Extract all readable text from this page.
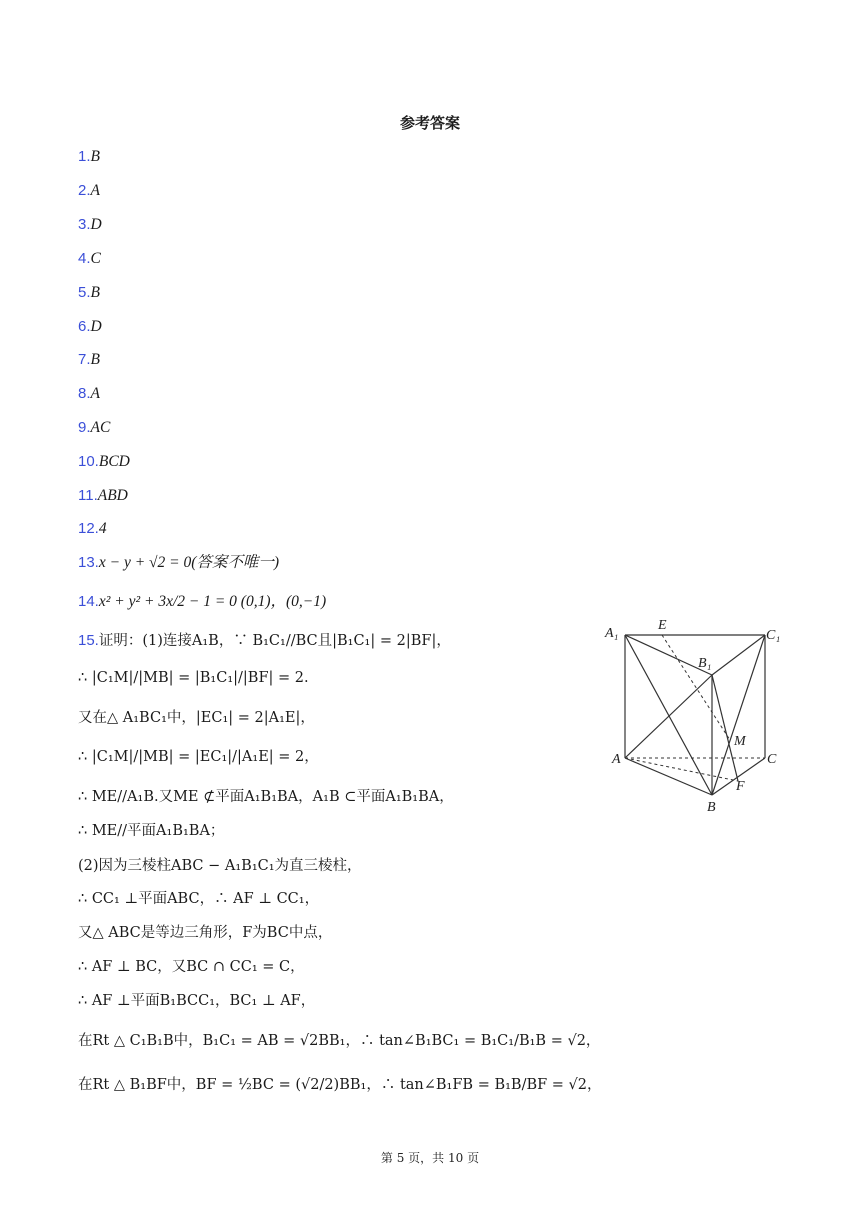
参考答案
1.B
2.A
3.D
4.C
5.B
6.D
7.B
8.A
9.AC
10.BCD
11.ABD
12.4
13.x − y + √2 = 0(答案不唯一)
14.x² + y² + 3x/2 − 1 = 0 (0,1)，(0,−1)
15.证明：(1)连接A₁B，∵ B₁C₁//BC且|B₁C₁| = 2|BF|，
∴ |C₁M|/|MB| = |B₁C₁|/|BF| = 2.
又在△ A₁BC₁中，|EC₁| = 2|A₁E|，
∴ |C₁M|/|MB| = |EC₁|/|A₁E| = 2，
∴ ME//A₁B.又ME ⊄平面A₁B₁BA，A₁B ⊂平面A₁B₁BA，
∴ ME//平面A₁B₁BA；
(2)因为三棱柱ABC − A₁B₁C₁为直三棱柱，
∴ CC₁ ⊥平面ABC，∴ AF ⊥ CC₁，
又△ ABC是等边三角形，F为BC中点，
∴ AF ⊥ BC，又BC ∩ CC₁ = C，
∴ AF ⊥平面B₁BCC₁，BC₁ ⊥ AF，
在Rt △ C₁B₁B中，B₁C₁ = AB = √2BB₁，∴ tan∠B₁BC₁ = B₁C₁/B₁B = √2，
在Rt △ B₁BF中，BF = ½BC = (√2/2)BB₁，∴ tan∠B₁FB = B₁B/BF = √2，
A₁
E
C₁
B₁
M
A	C
F
B
第 5 页，共 10 页
